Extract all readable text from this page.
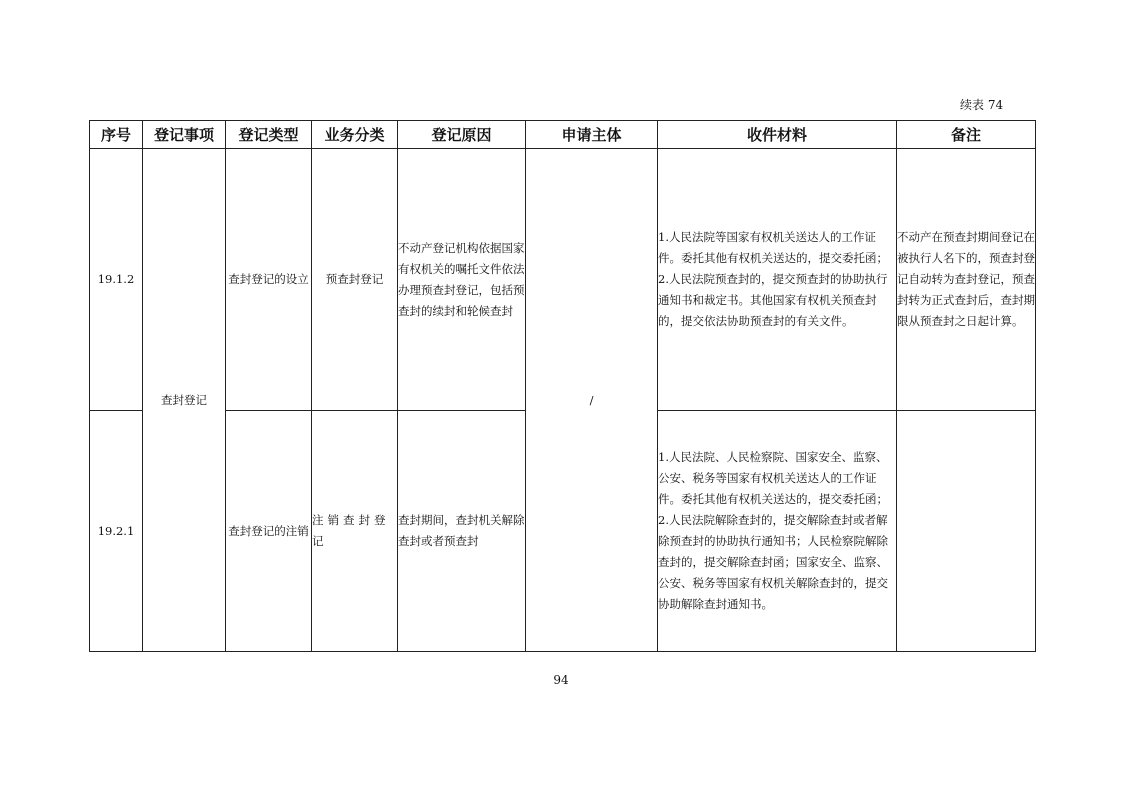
续表 74
序号	登记事项	登记类型	业务分类	登记原因	申请主体	收件材料	备注
19.1.2	查封登记	查封登记的设立	预查封登记	不动产登记机构依据国家有权机关的嘱托文件依法办理预查封登记，包括预查封的续封和轮候查封	/	1.人民法院等国家有权机关送达人的工作证件。委托其他有权机关送达的，提交委托函；
2.人民法院预查封的，提交预查封的协助执行通知书和裁定书。其他国家有权机关预查封的，提交依法协助预查封的有关文件。	不动产在预查封期间登记在被执行人名下的，预查封登记自动转为查封登记，预查封转为正式查封后，查封期限从预查封之日起计算。
19.2.1		查封登记的注销	注销查封登记	查封期间，查封机关解除查封或者预查封		1.人民法院、人民检察院、国家安全、监察、公安、税务等国家有权机关送达人的工作证件。委托其他有权机关送达的，提交委托函；
2.人民法院解除查封的，提交解除查封或者解除预查封的协助执行通知书；人民检察院解除查封的，提交解除查封函；国家安全、监察、公安、税务等国家有权机关解除查封的，提交协助解除查封通知书。	

94
